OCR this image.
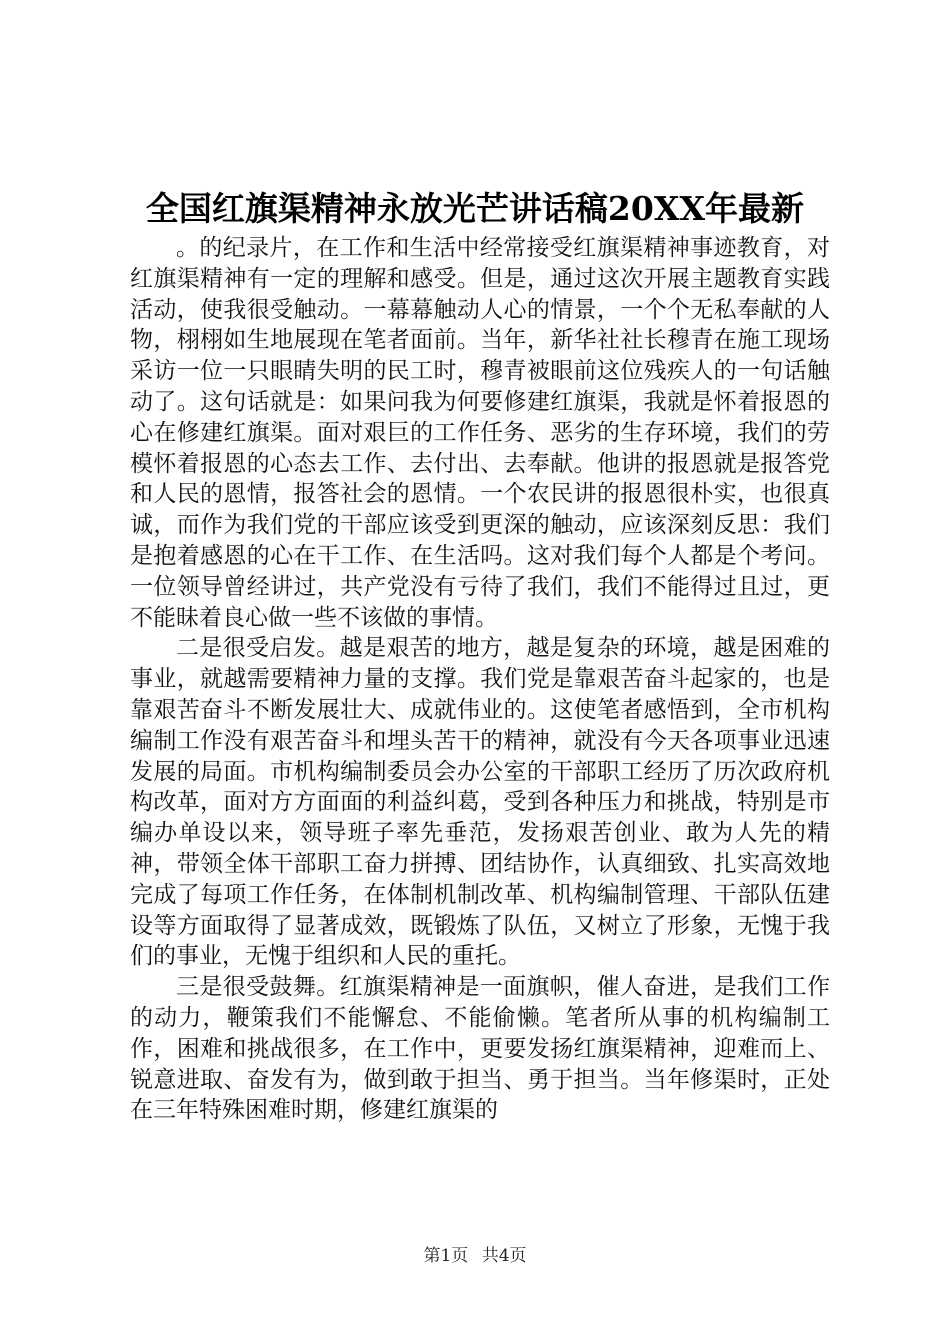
全国红旗渠精神永放光芒讲话稿20XX年最新

。的纪录片，在工作和生活中经常接受红旗渠精神事迹教育，对红旗渠精神有一定的理解和感受。但是，通过这次开展主题教育实践活动，使我很受触动。一幕幕触动人心的情景，一个个无私奉献的人物，栩栩如生地展现在笔者面前。当年，新华社社长穆青在施工现场采访一位一只眼睛失明的民工时，穆青被眼前这位残疾人的一句话触动了。这句话就是：如果问我为何要修建红旗渠，我就是怀着报恩的心在修建红旗渠。面对艰巨的工作任务、恶劣的生存环境，我们的劳模怀着报恩的心态去工作、去付出、去奉献。他讲的报恩就是报答党和人民的恩情，报答社会的恩情。一个农民讲的报恩很朴实，也很真诚，而作为我们党的干部应该受到更深的触动，应该深刻反思：我们是抱着感恩的心在干工作、在生活吗。这对我们每个人都是个考问。一位领导曾经讲过，共产党没有亏待了我们，我们不能得过且过，更不能昧着良心做一些不该做的事情。

二是很受启发。越是艰苦的地方，越是复杂的环境，越是困难的事业，就越需要精神力量的支撑。我们党是靠艰苦奋斗起家的，也是靠艰苦奋斗不断发展壮大、成就伟业的。这使笔者感悟到，全市机构编制工作没有艰苦奋斗和埋头苦干的精神，就没有今天各项事业迅速发展的局面。市机构编制委员会办公室的干部职工经历了历次政府机构改革，面对方方面面的利益纠葛，受到各种压力和挑战，特别是市编办单设以来，领导班子率先垂范，发扬艰苦创业、敢为人先的精神，带领全体干部职工奋力拼搏、团结协作，认真细致、扎实高效地完成了每项工作任务，在体制机制改革、机构编制管理、干部队伍建设等方面取得了显著成效，既锻炼了队伍，又树立了形象，无愧于我们的事业，无愧于组织和人民的重托。

三是很受鼓舞。红旗渠精神是一面旗帜，催人奋进，是我们工作的动力，鞭策我们不能懈怠、不能偷懒。笔者所从事的机构编制工作，困难和挑战很多，在工作中，更要发扬红旗渠精神，迎难而上、锐意进取、奋发有为，做到敢于担当、勇于担当。当年修渠时，正处在三年特殊困难时期，修建红旗渠的

第1页 共4页
